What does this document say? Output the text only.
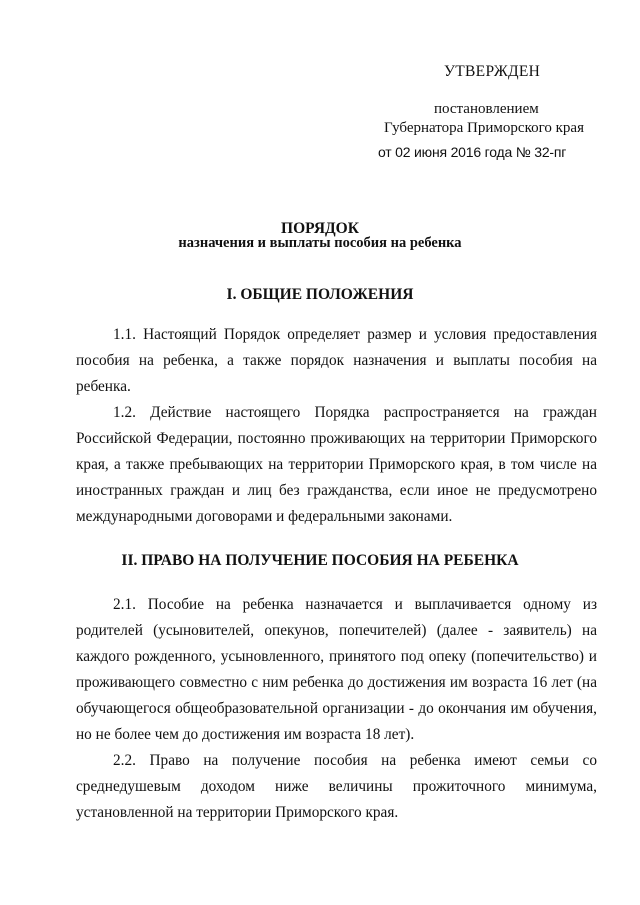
УТВЕРЖДЕН
постановлением
Губернатора Приморского края
от 02 июня 2016 года № 32-пг
ПОРЯДОК
назначения и выплаты пособия на ребенка
I. ОБЩИЕ ПОЛОЖЕНИЯ
1.1. Настоящий Порядок определяет размер и условия предоставления пособия на ребенка, а также порядок назначения и выплаты пособия на ребенка.
1.2. Действие настоящего Порядка распространяется на граждан Российской Федерации, постоянно проживающих на территории Приморского края, а также пребывающих на территории Приморского края, в том числе на иностранных граждан и лиц без гражданства, если иное не предусмотрено международными договорами и федеральными законами.
II. ПРАВО НА ПОЛУЧЕНИЕ ПОСОБИЯ НА РЕБЕНКА
2.1. Пособие на ребенка назначается и выплачивается одному из родителей (усыновителей, опекунов, попечителей) (далее - заявитель) на каждого рожденного, усыновленного, принятого под опеку (попечительство) и проживающего совместно с ним ребенка до достижения им возраста 16 лет (на обучающегося общеобразовательной организации - до окончания им обучения, но не более чем до достижения им возраста 18 лет).
2.2. Право на получение пособия на ребенка имеют семьи со среднедушевым доходом ниже величины прожиточного минимума, установленной на территории Приморского края.
